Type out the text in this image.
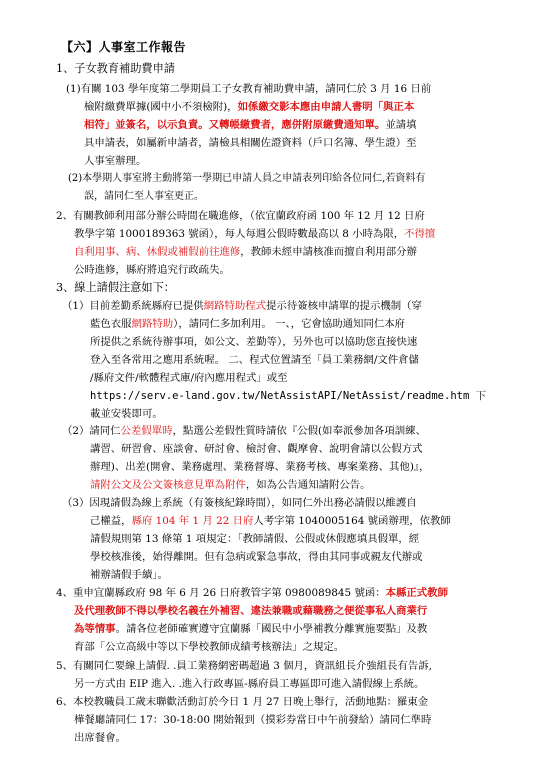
【六】人事室工作報告
1、子女教育補助費申請
(1)有關 103 學年度第二學期員工子女教育補助費申請，請同仁於 3 月 16 日前
檢附繳費單據(國中小不須檢附)，如係繳交影本應由申請人書明「與正本
相符」並簽名，以示負責。又轉帳繳費者，應併附原繳費通知單。並請填
具申請表，如屬新申請者，請檢具相關佐證資料（戶口名簿、學生證）至
人事室辦理。
(2)本學期人事室將主動將第一學期已申請人員之申請表列印給各位同仁,若資料有
誤，請同仁至人事室更正。
2、有關教師利用部分辦公時間在職進修，（依宜蘭政府函 100 年 12 月 12 日府
教學字第 1000189363 號函），每人每週公假時數最高以 8 小時為限，不得擅
自利用事、病、休假或補假前往進修，教師未經申請核准而擅自利用部分辦
公時進修，縣府將追究行政疏失。
3、線上請假注意如下：
（1）目前差勤系統縣府已提供網路特助程式提示待簽核申請單的提示機制（穿
藍色衣服網路特助），請同仁多加利用。 一、，它會協助通知同仁本府
所提供之系統待辦事項，如公文、差勤等），另外也可以協助您直接快速
登入至各常用之應用系統喔。 二、程式位置請至「員工業務網/文件倉儲
/縣府文件/軟體程式庫/府內應用程式」或至
https://serv.e-land.gov.tw/NetAssistAPI/NetAssist/readme.htm 下
載並安裝即可。
（2）請同仁公差假單時，點選公差假性質時請依『公假(如奉派參加各項訓練、
講習、研習會、座談會、研討會、檢討會、觀摩會、說明會請以公假方式
辦理)、出差(開會、業務處理、業務督導、業務考核、專案業務、其他)』，
請附公文及公文簽核意見單為附件，如為公告通知請附公告。
（3）因現請假為線上系統（有簽核紀錄時間），如同仁外出務必請假以維護自
己權益，縣府 104 年 1 月 22 日府人考字第 1040005164 號函辦理，依教師
請假規則第 13 條第 1 項規定：「教師請假、公假或休假應填具假單，經
學校核准後，始得離開。但有急病或緊急事故，得由其同事或親友代辦或
補辦請假手續」。
4、重申宜蘭縣政府 98 年 6 月 26 日府教管字第 0980089845 號函：本縣正式教師
及代理教師不得以學校名義在外補習、違法兼職或藉職務之便從事私人商業行
為等情事。請各位老師確實遵守宜蘭縣「國民中小學補教分離實施要點」及教
育部「公立高級中等以下學校教師成績考核辦法」之規定。
5、有關同仁要線上請假. .員工業務網密碼超過 3 個月，資訊組長介強組長有告訴,
另一方式由 EIP 進入. .進入行政專區-縣府員工專區即可進入請假線上系統。
6、本校教職員工歲末聯歡活動訂於今日 1 月 27 日晚上舉行，活動地點：羅東金
樺餐廳請同仁 17：30-18:00 開始報到（摸彩券當日中午前發給）請同仁準時
出席餐會。
